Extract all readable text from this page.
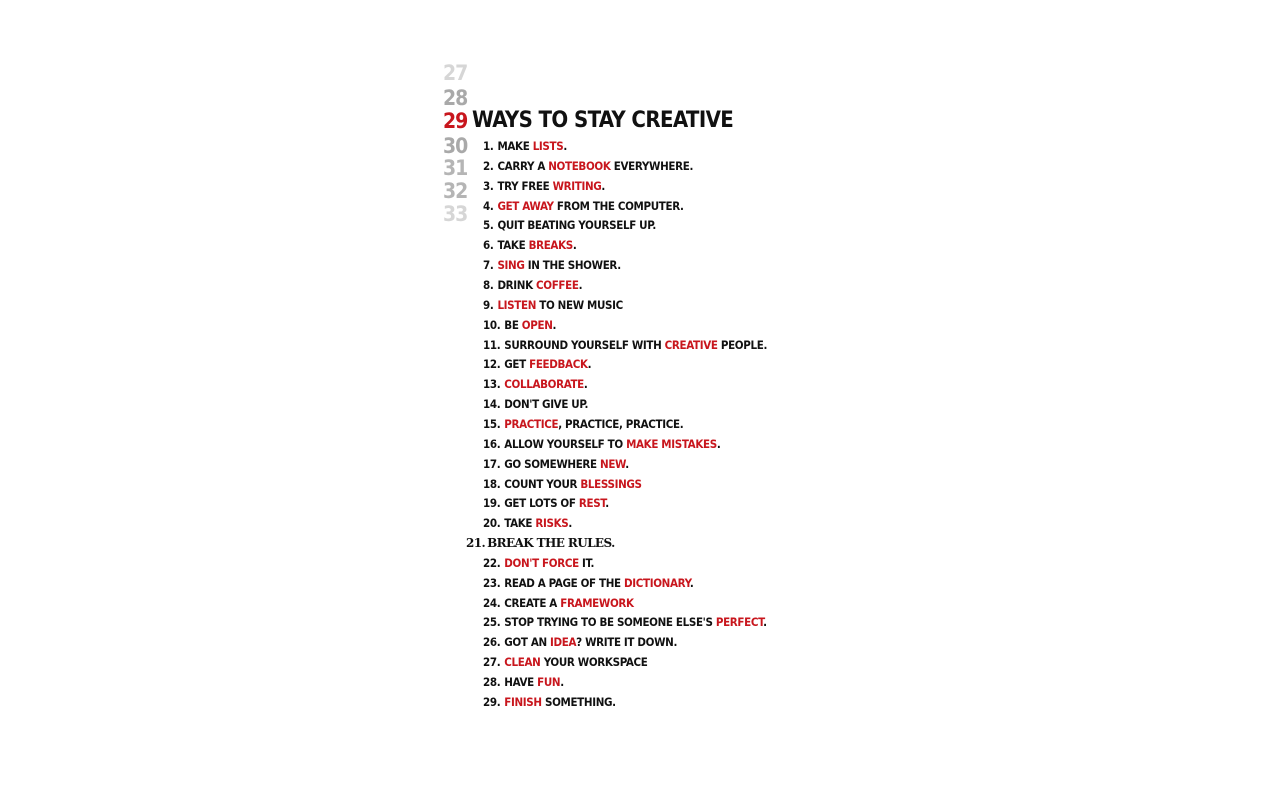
27
28
29
30
31
32
33
WAYS TO STAY CREATIVE
1. MAKE LISTS.
2. CARRY A NOTEBOOK EVERYWHERE.
3. TRY FREE WRITING.
4. GET AWAY FROM THE COMPUTER.
5. QUIT BEATING YOURSELF UP.
6. TAKE BREAKS.
7. SING IN THE SHOWER.
8. DRINK COFFEE.
9. LISTEN TO NEW MUSIC
10. BE OPEN.
11. SURROUND YOURSELF WITH CREATIVE PEOPLE.
12. GET FEEDBACK.
13. COLLABORATE.
14. DON'T GIVE UP.
15. PRACTICE, PRACTICE, PRACTICE.
16. ALLOW YOURSELF TO MAKE MISTAKES.
17. GO SOMEWHERE NEW.
18. COUNT YOUR BLESSINGS
19. GET LOTS OF REST.
20. TAKE RISKS.
21. BREAK THE RULES.
22. DON'T FORCE IT.
23. READ A PAGE OF THE DICTIONARY.
24. CREATE A FRAMEWORK
25. STOP TRYING TO BE SOMEONE ELSE'S PERFECT.
26. GOT AN IDEA? WRITE IT DOWN.
27. CLEAN YOUR WORKSPACE
28. HAVE FUN.
29. FINISH SOMETHING.
